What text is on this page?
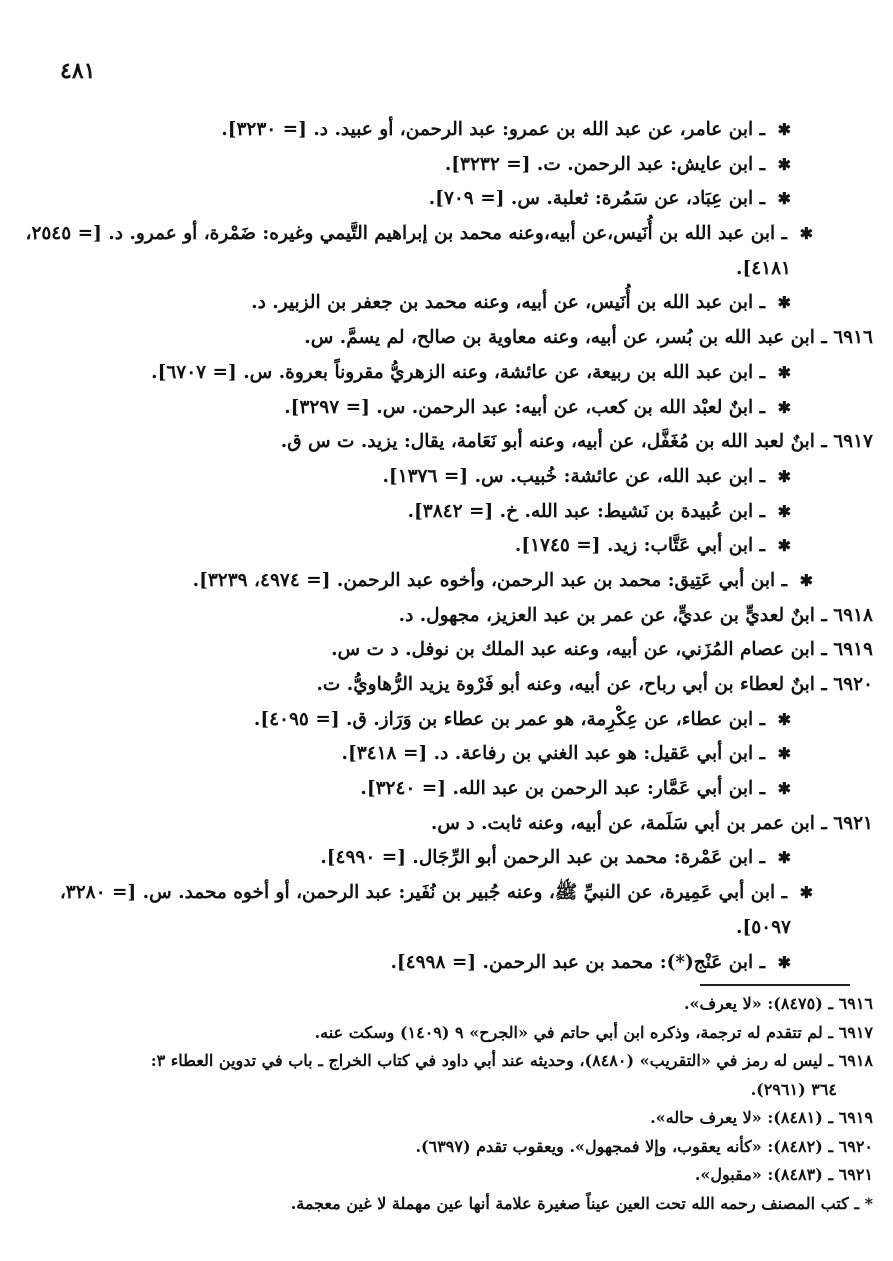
٤٨١
✱ـ ابن عامر، عن عبد الله بن عمرو: عبد الرحمن، أو عبيد. د. [= ٣٢٣٠].
✱ـ ابن عايش: عبد الرحمن. ت. [= ٣٢٣٢].
✱ـ ابن عِبَاد، عن سَمُرة: ثعلبة. س. [= ٧٠٩].
✱ـ ابن عبد الله بن أُنَيس،عن أبيه،وعنه محمد بن إبراهيم التَّيمي وغيره: ضَمْرة، أو عمرو. د. [= ٢٥٤٥،
٤١٨١].
✱ـ ابن عبد الله بن أُنَيس، عن أبيه، وعنه محمد بن جعفر بن الزبير. د.
٦٩١٦ ـ ابن عبد الله بن بُسر، عن أبيه، وعنه معاوية بن صالح، لم يسمَّ. س.
✱ـ ابن عبد الله بن ربيعة، عن عائشة، وعنه الزهريُّ مقروناً بعروة. س. [= ٦٧٠٧].
✱ـ ابنٌ لعبْد الله بن كعب، عن أبيه: عبد الرحمن. س. [= ٣٢٩٧].
٦٩١٧ ـ ابنٌ لعبد الله بن مُغَفَّل، عن أبيه، وعنه أبو نَعَامة، يقال: يزيد. ت س ق.
✱ـ ابن عبد الله، عن عائشة: خُبيب. س. [= ١٣٧٦].
✱ـ ابن عُبيدة بن نَشيط: عبد الله. خ. [= ٣٨٤٢].
✱ـ ابن أبي عَتَّاب: زيد. [= ١٧٤٥].
✱ـ ابن أبي عَتِيق: محمد بن عبد الرحمن، وأخوه عبد الرحمن. [= ٤٩٧٤، ٣٢٣٩].
٦٩١٨ ـ ابنٌ لعديٍّ بن عديٍّ، عن عمر بن عبد العزيز، مجهول. د.
٦٩١٩ ـ ابن عصام المُزَني، عن أبيه، وعنه عبد الملك بن نوفل. د ت س.
٦٩٢٠ ـ ابنٌ لعطاء بن أبي رباح، عن أبيه، وعنه أبو فَرْوة يزيد الرُّهاويُّ. ت.
✱ـ ابن عطاء، عن عِكْرِمة، هو عمر بن عطاء بن وَرَاز. ق. [= ٤٠٩٥].
✱ـ ابن أبي عَقيل: هو عبد الغني بن رفاعة. د. [= ٣٤١٨].
✱ـ ابن أبي عَمَّار: عبد الرحمن بن عبد الله. [= ٣٢٤٠].
٦٩٢١ ـ ابن عمر بن أبي سَلَمة، عن أبيه، وعنه ثابت. د س.
✱ـ ابن عَمْرة: محمد بن عبد الرحمن أبو الرِّجَال. [= ٤٩٩٠].
✱ـ ابن أبي عَمِيرة، عن النبيِّ ﷺ، وعنه جُبير بن نُفَير: عبد الرحمن، أو أخوه محمد. س. [= ٣٢٨٠،
٥٠٩٧].
✱ـ ابن عَنْج(*): محمد بن عبد الرحمن. [= ٤٩٩٨].
٦٩١٦ ـ (٨٤٧٥): «لا يعرف».
٦٩١٧ ـ لم تتقدم له ترجمة، وذكره ابن أبي حاتم في «الجرح» ٩ (١٤٠٩) وسكت عنه.
٦٩١٨ ـ ليس له رمز في «التقريب» (٨٤٨٠)، وحديثه عند أبي داود في كتاب الخراج ـ باب في تدوين العطاء ٣:
٣٦٤ (٢٩٦١).
٦٩١٩ ـ (٨٤٨١): «لا يعرف حاله».
٦٩٢٠ ـ (٨٤٨٢): «كأنه يعقوب، وإلا فمجهول». ويعقوب تقدم (٦٣٩٧).
٦٩٢١ ـ (٨٤٨٣): «مقبول».
* ـ كتب المصنف رحمه الله تحت العين عيناً صغيرة علامة أنها عين مهملة لا غين معجمة.
